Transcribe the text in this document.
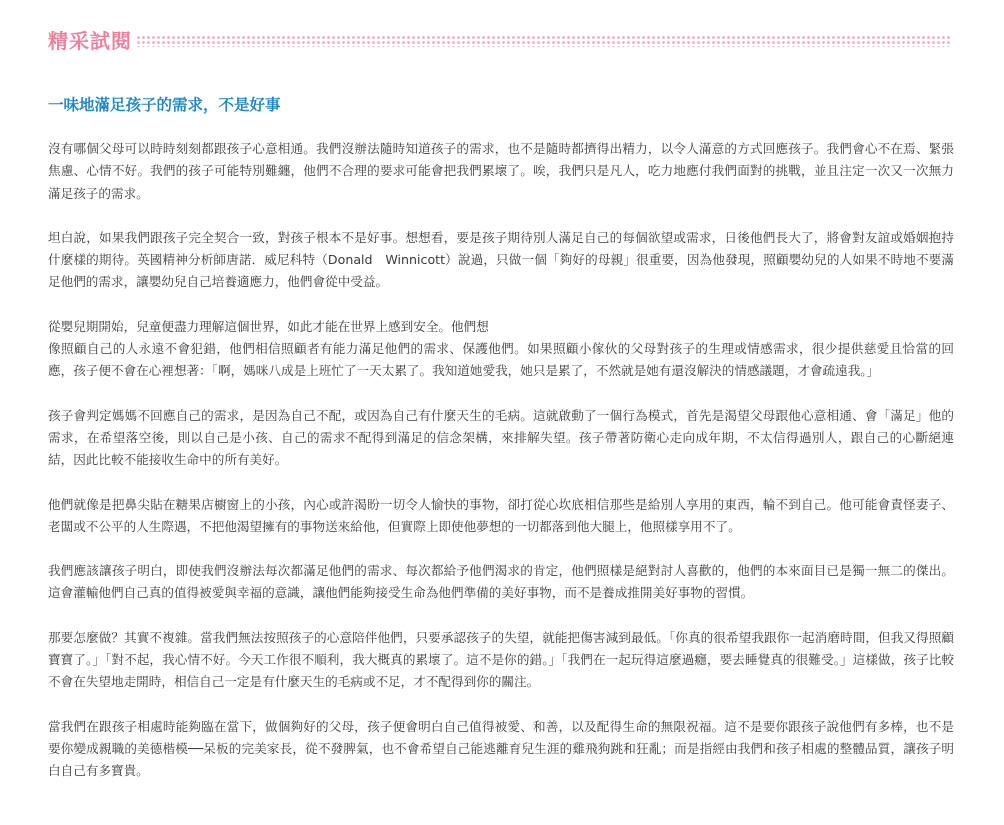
精采試閱
一味地滿足孩子的需求，不是好事

沒有哪個父母可以時時刻刻都跟孩子心意相通。我們沒辦法隨時知道孩子的需求，也不是隨時都擠得出精力，以令人滿意的方式回應孩子。我們會心不在焉、緊張焦慮、心情不好。我們的孩子可能特別難纏，他們不合理的要求可能會把我們累壞了。唉，我們只是凡人，吃力地應付我們面對的挑戰，並且注定一次又一次無力滿足孩子的需求。

坦白說，如果我們跟孩子完全契合一致，對孩子根本不是好事。想想看，要是孩子期待別人滿足自己的每個欲望或需求，日後他們長大了，將會對友誼或婚姻抱持什麼樣的期待。英國精神分析師唐諾．威尼科特（Donald　Winnicott）說過，只做一個「夠好的母親」很重要，因為他發現，照顧嬰幼兒的人如果不時地不要滿足他們的需求，讓嬰幼兒自己培養適應力，他們會從中受益。

從嬰兒期開始，兒童便盡力理解這個世界，如此才能在世界上感到安全。他們想
像照顧自己的人永遠不會犯錯，他們相信照顧者有能力滿足他們的需求、保護他們。如果照顧小傢伙的父母對孩子的生理或情感需求，很少提供慈愛且恰當的回應，孩子便不會在心裡想著：「啊，媽咪八成是上班忙了一天太累了。我知道她愛我，她只是累了，不然就是她有還沒解決的情感議題，才會疏遠我。」

孩子會判定媽媽不回應自己的需求，是因為自己不配，或因為自己有什麼天生的毛病。這就啟動了一個行為模式，首先是渴望父母跟他心意相通、會「滿足」他的需求，在希望落空後，則以自己是小孩、自己的需求不配得到滿足的信念架構，來排解失望。孩子帶著防衛心走向成年期，不太信得過別人，跟自己的心斷絕連結，因此比較不能接收生命中的所有美好。

他們就像是把鼻尖貼在糖果店櫥窗上的小孩，內心或許渴盼一切令人愉快的事物，卻打從心坎底相信那些是給別人享用的東西，輪不到自己。他可能會責怪妻子、老闆或不公平的人生際遇，不把他渴望擁有的事物送來給他，但實際上即使他夢想的一切都落到他大腿上，他照樣享用不了。

我們應該讓孩子明白，即使我們沒辦法每次都滿足他們的需求、每次都給予他們渴求的肯定，他們照樣是絕對討人喜歡的，他們的本來面目已是獨一無二的傑出。這會灌輸他們自己真的值得被愛與幸福的意識，讓他們能夠接受生命為他們準備的美好事物，而不是養成推開美好事物的習慣。

那要怎麼做？其實不複雜。當我們無法按照孩子的心意陪伴他們，只要承認孩子的失望，就能把傷害減到最低。「你真的很希望我跟你一起消磨時間，但我又得照顧寶寶了。」「對不起，我心情不好。今天工作很不順利，我大概真的累壞了。這不是你的錯。」「我們在一起玩得這麼過癮，要去睡覺真的很難受。」這樣做，孩子比較不會在失望地走開時，相信自己一定是有什麼天生的毛病或不足，才不配得到你的關注。

當我們在跟孩子相處時能夠臨在當下，做個夠好的父母，孩子便會明白自己值得被愛、和善，以及配得生命的無限祝福。這不是要你跟孩子說他們有多棒，也不是要你變成親職的美德楷模──呆板的完美家長，從不發脾氣，也不會希望自己能逃離育兒生涯的雞飛狗跳和狂亂；而是指經由我們和孩子相處的整體品質，讓孩子明白自己有多寶貴。
